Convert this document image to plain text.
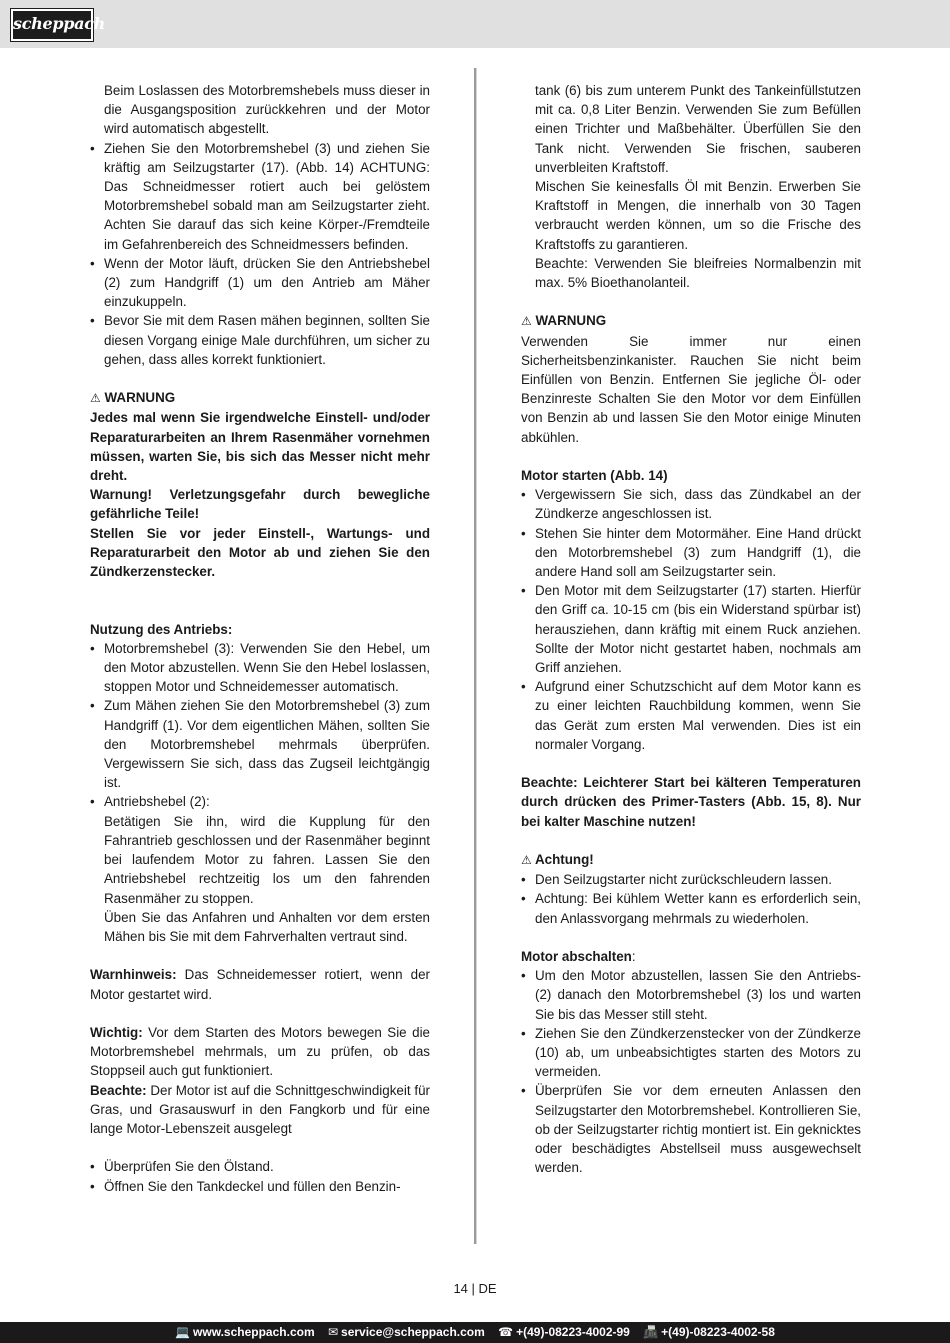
scheppach

Beim Loslassen des Motorbremshebels muss dieser in die Ausgangsposition zurückkehren und der Motor wird automatisch abgestellt.

• Ziehen Sie den Motorbremshebel (3) und ziehen Sie kräftig am Seilzugstarter (17). (Abb. 14) ACHTUNG: Das Schneidmesser rotiert auch bei gelöstem Motorbremshebel sobald man am Seilzugstarter zieht. Achten Sie darauf das sich keine Körper-/Fremdteile im Gefahrenbereich des Schneidmessers befinden.
• Wenn der Motor läuft, drücken Sie den Antriebshebel (2) zum Handgriff (1) um den Antrieb am Mäher einzukuppeln.
• Bevor Sie mit dem Rasen mähen beginnen, sollten Sie diesen Vorgang einige Male durchführen, um sicher zu gehen, dass alles korrekt funktioniert.

⚠ WARNUNG

Jedes mal wenn Sie irgendwelche Einstell- und/oder Reparaturarbeiten an Ihrem Rasenmäher vornehmen müssen, warten Sie, bis sich das Messer nicht mehr dreht.

Warnung! Verletzungsgefahr durch bewegliche gefährliche Teile!

Stellen Sie vor jeder Einstell-, Wartungs- und Reparaturarbeit den Motor ab und ziehen Sie den Zündkerzenstecker.

Nutzung des Antriebs:

• Motorbremshebel (3): Verwenden Sie den Hebel, um den Motor abzustellen. Wenn Sie den Hebel loslassen, stoppen Motor und Schneidemesser automatisch.
• Zum Mähen ziehen Sie den Motorbremshebel (3) zum Handgriff (1). Vor dem eigentlichen Mähen, sollten Sie den Motorbremshebel mehrmals überprüfen. Vergewissern Sie sich, dass das Zugseil leichtgängig ist.
• Antriebshebel (2):

Betätigen Sie ihn, wird die Kupplung für den Fahrantrieb geschlossen und der Rasenmäher beginnt bei laufendem Motor zu fahren. Lassen Sie den Antriebshebel rechtzeitig los um den fahrenden Rasenmäher zu stoppen.

Üben Sie das Anfahren und Anhalten vor dem ersten Mähen bis Sie mit dem Fahrverhalten vertraut sind.

Warnhinweis: Das Schneidemesser rotiert, wenn der Motor gestartet wird.

Wichtig: Vor dem Starten des Motors bewegen Sie die Motorbremshebel mehrmals, um zu prüfen, ob das Stoppseil auch gut funktioniert.

Beachte: Der Motor ist auf die Schnittgeschwindigkeit für Gras, und Grasauswurf in den Fangkorb und für eine lange Motor-Lebenszeit ausgelegt

• Überprüfen Sie den Ölstand.
• Öffnen Sie den Tankdeckel und füllen den Benzin-

tank (6) bis zum unterem Punkt des Tankeinfüllstutzen mit ca. 0,8 Liter Benzin. Verwenden Sie zum Befüllen einen Trichter und Maßbehälter. Überfüllen Sie den Tank nicht. Verwenden Sie frischen, sauberen unverbleiten Kraftstoff.

Mischen Sie keinesfalls Öl mit Benzin. Erwerben Sie Kraftstoff in Mengen, die innerhalb von 30 Tagen verbraucht werden können, um so die Frische des Kraftstoffs zu garantieren.

Beachte: Verwenden Sie bleifreies Normalbenzin mit max. 5% Bioethanolanteil.

⚠ WARNUNG

Verwenden Sie immer nur einen Sicherheitsbenzinkanister. Rauchen Sie nicht beim Einfüllen von Benzin. Entfernen Sie jegliche Öl- oder Benzinreste Schalten Sie den Motor vor dem Einfüllen von Benzin ab und lassen Sie den Motor einige Minuten abkühlen.

Motor starten (Abb. 14)

• Vergewissern Sie sich, dass das Zündkabel an der Zündkerze angeschlossen ist.
• Stehen Sie hinter dem Motormäher. Eine Hand drückt den Motorbremshebel (3) zum Handgriff (1), die andere Hand soll am Seilzugstarter sein.
• Den Motor mit dem Seilzugstarter (17) starten. Hierfür den Griff ca. 10-15 cm (bis ein Widerstand spürbar ist) herausziehen, dann kräftig mit einem Ruck anziehen. Sollte der Motor nicht gestartet haben, nochmals am Griff anziehen.
• Aufgrund einer Schutzschicht auf dem Motor kann es zu einer leichten Rauchbildung kommen, wenn Sie das Gerät zum ersten Mal verwenden. Dies ist ein normaler Vorgang.

Beachte: Leichterer Start bei kälteren Temperaturen durch drücken des Primer-Tasters (Abb. 15, 8). Nur bei kalter Maschine nutzen!

⚠ Achtung!

• Den Seilzugstarter nicht zurückschleudern lassen.
• Achtung: Bei kühlem Wetter kann es erforderlich sein, den Anlassvorgang mehrmals zu wiederholen.

Motor abschalten:

• Um den Motor abzustellen, lassen Sie den Antriebs- (2) danach den Motorbremshebel (3) los und warten Sie bis das Messer still steht.
• Ziehen Sie den Zündkerzenstecker von der Zündkerze (10) ab, um unbeabsichtigtes starten des Motors zu vermeiden.
• Überprüfen Sie vor dem erneuten Anlassen den Seilzugstarter den Motorbremshebel. Kontrollieren Sie, ob der Seilzugstarter richtig montiert ist. Ein geknicktes oder beschädigtes Abstellseil muss ausgewechselt werden.
14 | DE
💻 www.scheppach.com ✉ service@scheppach.com ☎ +(49)-08223-4002-99 📠 +(49)-08223-4002-58
